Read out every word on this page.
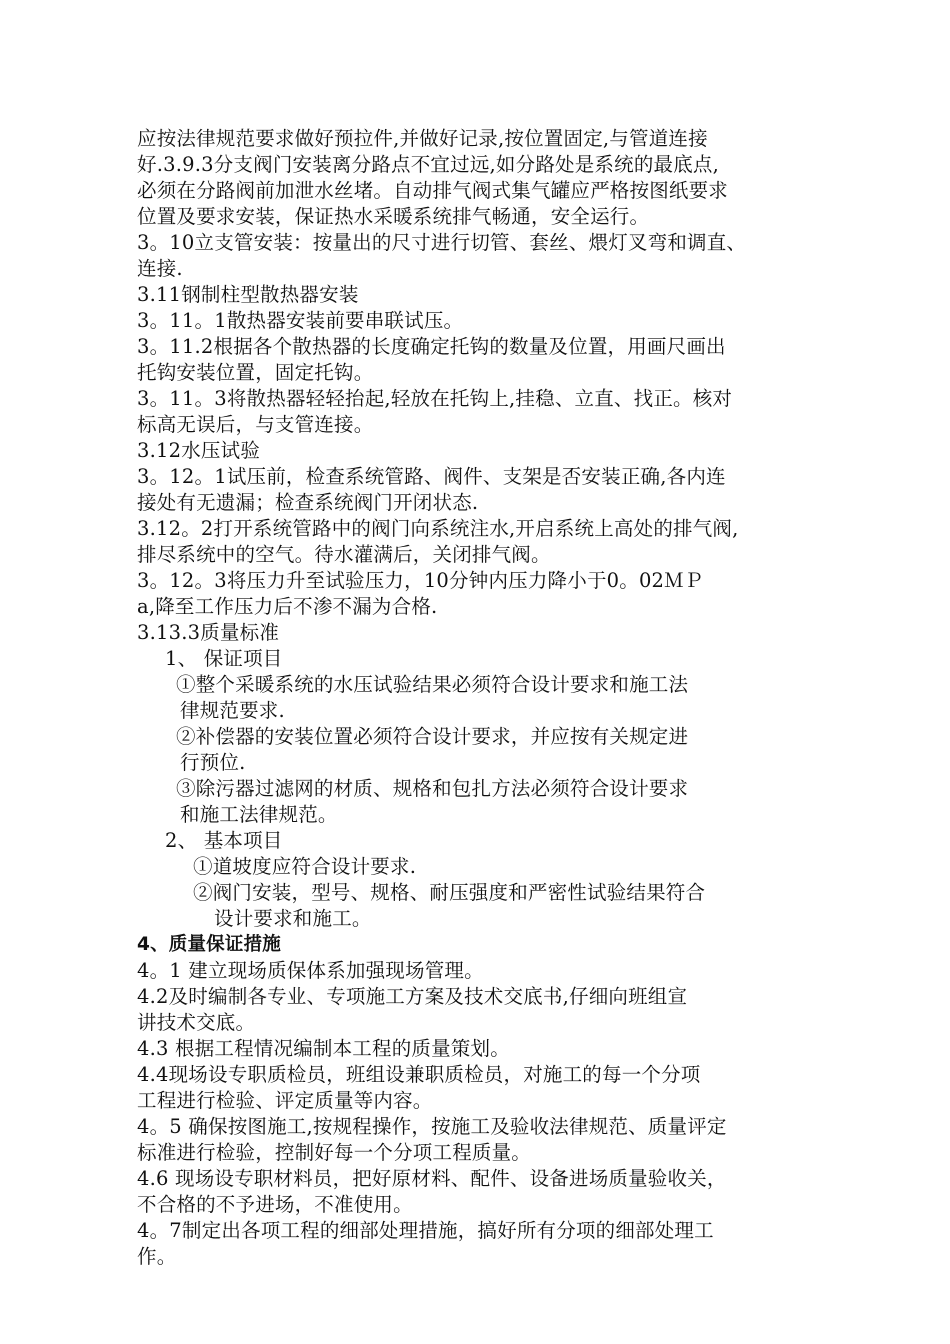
应按法律规范要求做好预拉件,并做好记录,按位置固定,与管道连接
好.3.9.3分支阀门安装离分路点不宜过远,如分路处是系统的最底点,
必须在分路阀前加泄水丝堵。自动排气阀式集气罐应严格按图纸要求
位置及要求安装，保证热水采暖系统排气畅通，安全运行。
3。10立支管安装：按量出的尺寸进行切管、套丝、煨灯叉弯和调直、
连接.
3.11钢制柱型散热器安装
3。11。1散热器安装前要串联试压。
3。11.2根据各个散热器的长度确定托钩的数量及位置，用画尺画出
托钩安装位置，固定托钩。
3。11。3将散热器轻轻抬起,轻放在托钩上,挂稳、立直、找正。核对
标高无误后，与支管连接。
3.12水压试验
3。12。1试压前，检查系统管路、阀件、支架是否安装正确,各内连
接处有无遗漏；检查系统阀门开闭状态.
3.12。2打开系统管路中的阀门向系统注水,开启系统上高处的排气阀,
排尽系统中的空气。待水灌满后，关闭排气阀。
3。12。3将压力升至试验压力，10分钟内压力降小于0。02ＭＰ
a,降至工作压力后不渗不漏为合格.
3.13.3质量标准
1、 保证项目
①整个采暖系统的水压试验结果必须符合设计要求和施工法
律规范要求.
②补偿器的安装位置必须符合设计要求，并应按有关规定进
行预位.
③除污器过滤网的材质、规格和包扎方法必须符合设计要求
和施工法律规范。
2、 基本项目
①道坡度应符合设计要求.
②阀门安装，型号、规格、耐压强度和严密性试验结果符合
设计要求和施工。
4、质量保证措施
4。1 建立现场质保体系加强现场管理。
4.2及时编制各专业、专项施工方案及技术交底书,仔细向班组宣
讲技术交底。
4.3 根据工程情况编制本工程的质量策划。
4.4现场设专职质检员，班组设兼职质检员，对施工的每一个分项
工程进行检验、评定质量等内容。
4。5 确保按图施工,按规程操作，按施工及验收法律规范、质量评定
标准进行检验，控制好每一个分项工程质量。
4.6 现场设专职材料员，把好原材料、配件、设备进场质量验收关，
不合格的不予进场，不准使用。
4。7制定出各项工程的细部处理措施，搞好所有分项的细部处理工
作。
